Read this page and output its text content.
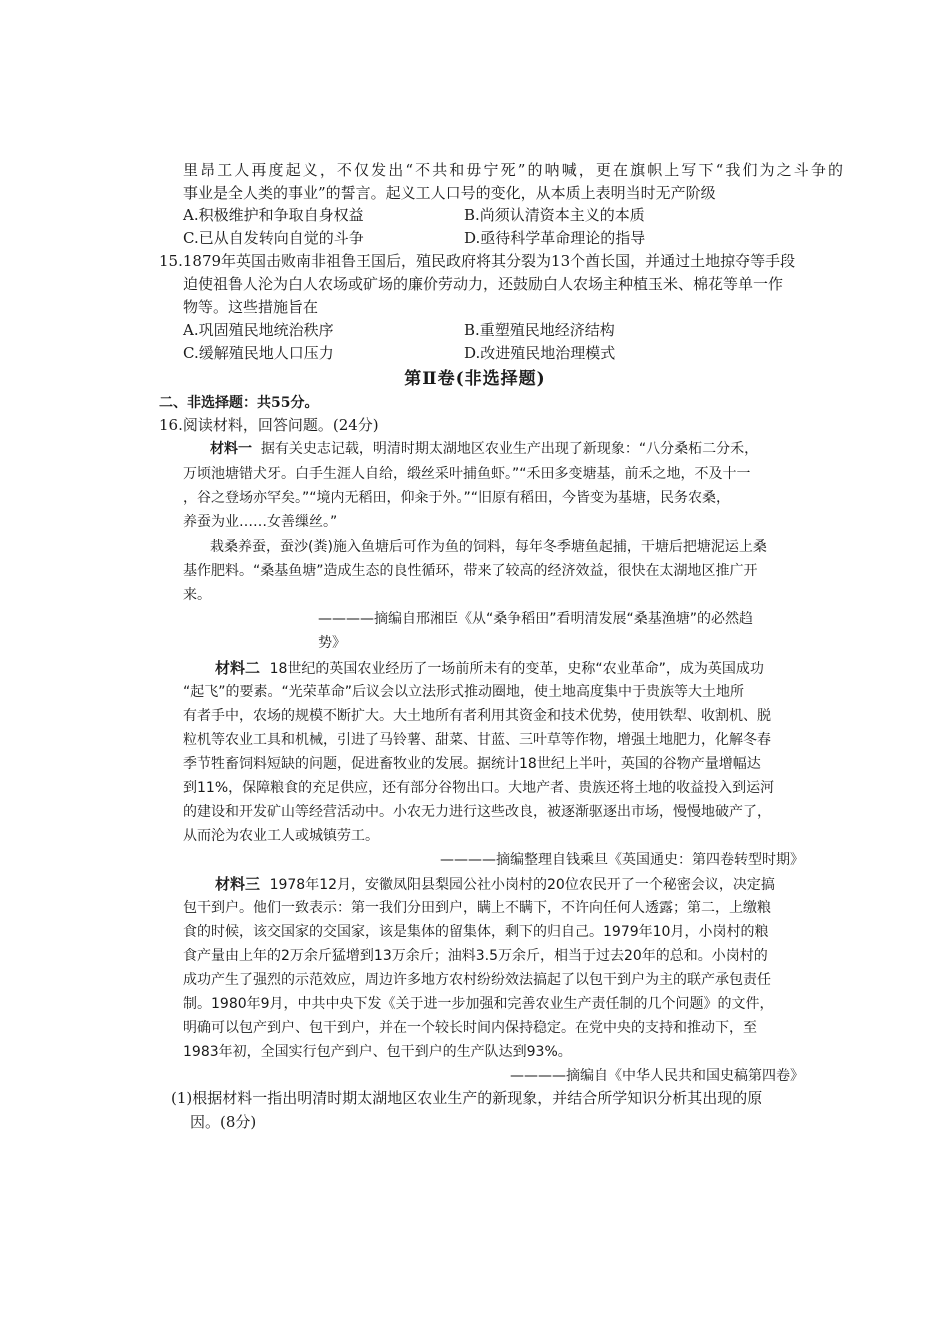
里昂工人再度起义，不仅发出“不共和毋宁死”的呐喊，更在旗帜上写下“我们为之斗争的
事业是全人类的事业”的誓言。起义工人口号的变化，从本质上表明当时无产阶级
A.积极维护和争取自身权益	B.尚须认清资本主义的本质
C.已从自发转向自觉的斗争	D.亟待科学革命理论的指导
15.1879年英国击败南非祖鲁王国后，殖民政府将其分裂为13个酋长国，并通过土地掠夺等手段
迫使祖鲁人沦为白人农场或矿场的廉价劳动力，还鼓励白人农场主种植玉米、棉花等单一作
物等。这些措施旨在
A.巩固殖民地统治秩序	B.重塑殖民地经济结构
C.缓解殖民地人口压力	D.改进殖民地治理模式
第Ⅱ卷(非选择题)
二、非选择题：共55分。
16.阅读材料，回答问题。(24分)
材料一 据有关史志记载，明清时期太湖地区农业生产出现了新现象：“八分桑柘二分禾，
万顷池塘错犬牙。白手生涯人自给，缎丝采叶捕鱼虾。”“禾田多变塘基，前禾之地，不及十一
，谷之登场亦罕矣。”“境内无稻田，仰籴于外。”“旧原有稻田，今皆变为基塘，民务农桑，
养蚕为业……女善缫丝。”
栽桑养蚕，蚕沙(粪)施入鱼塘后可作为鱼的饲料，每年冬季塘鱼起捕，干塘后把塘泥运上桑
基作肥料。“桑基鱼塘”造成生态的良性循环，带来了较高的经济效益，很快在太湖地区推广开
来。
————摘编自邢湘臣《从“桑争稻田”看明清发展“桑基渔塘”的必然趋
势》
材料二 18世纪的英国农业经历了一场前所未有的变革，史称“农业革命”，成为英国成功
“起飞”的要素。“光荣革命”后议会以立法形式推动圈地，使土地高度集中于贵族等大土地所
有者手中，农场的规模不断扩大。大土地所有者利用其资金和技术优势，使用铁犁、收割机、脱
粒机等农业工具和机械，引进了马铃薯、甜菜、甘蓝、三叶草等作物，增强土地肥力，化解冬春
季节牲畜饲料短缺的问题，促进畜牧业的发展。据统计18世纪上半叶，英国的谷物产量增幅达
到11%，保障粮食的充足供应，还有部分谷物出口。大地产者、贵族还将土地的收益投入到运河
的建设和开发矿山等经营活动中。小农无力进行这些改良，被逐渐驱逐出市场，慢慢地破产了，
从而沦为农业工人或城镇劳工。
————摘编整理自钱乘旦《英国通史：第四卷转型时期》
材料三 1978年12月，安徽凤阳县梨园公社小岗村的20位农民开了一个秘密会议，决定搞
包干到户。他们一致表示：第一我们分田到户，瞒上不瞒下，不许向任何人透露；第二，上缴粮
食的时候，该交国家的交国家，该是集体的留集体，剩下的归自己。1979年10月，小岗村的粮
食产量由上年的2万余斤猛增到13万余斤；油料3.5万余斤，相当于过去20年的总和。小岗村的
成功产生了强烈的示范效应，周边许多地方农村纷纷效法搞起了以包干到户为主的联产承包责任
制。1980年9月，中共中央下发《关于进一步加强和完善农业生产责任制的几个问题》的文件，
明确可以包产到户、包干到户，并在一个较长时间内保持稳定。在党中央的支持和推动下，至
1983年初，全国实行包产到户、包干到户的生产队达到93%。
————摘编自《中华人民共和国史稿第四卷》
(1)根据材料一指出明清时期太湖地区农业生产的新现象，并结合所学知识分析其出现的原
因。(8分)
